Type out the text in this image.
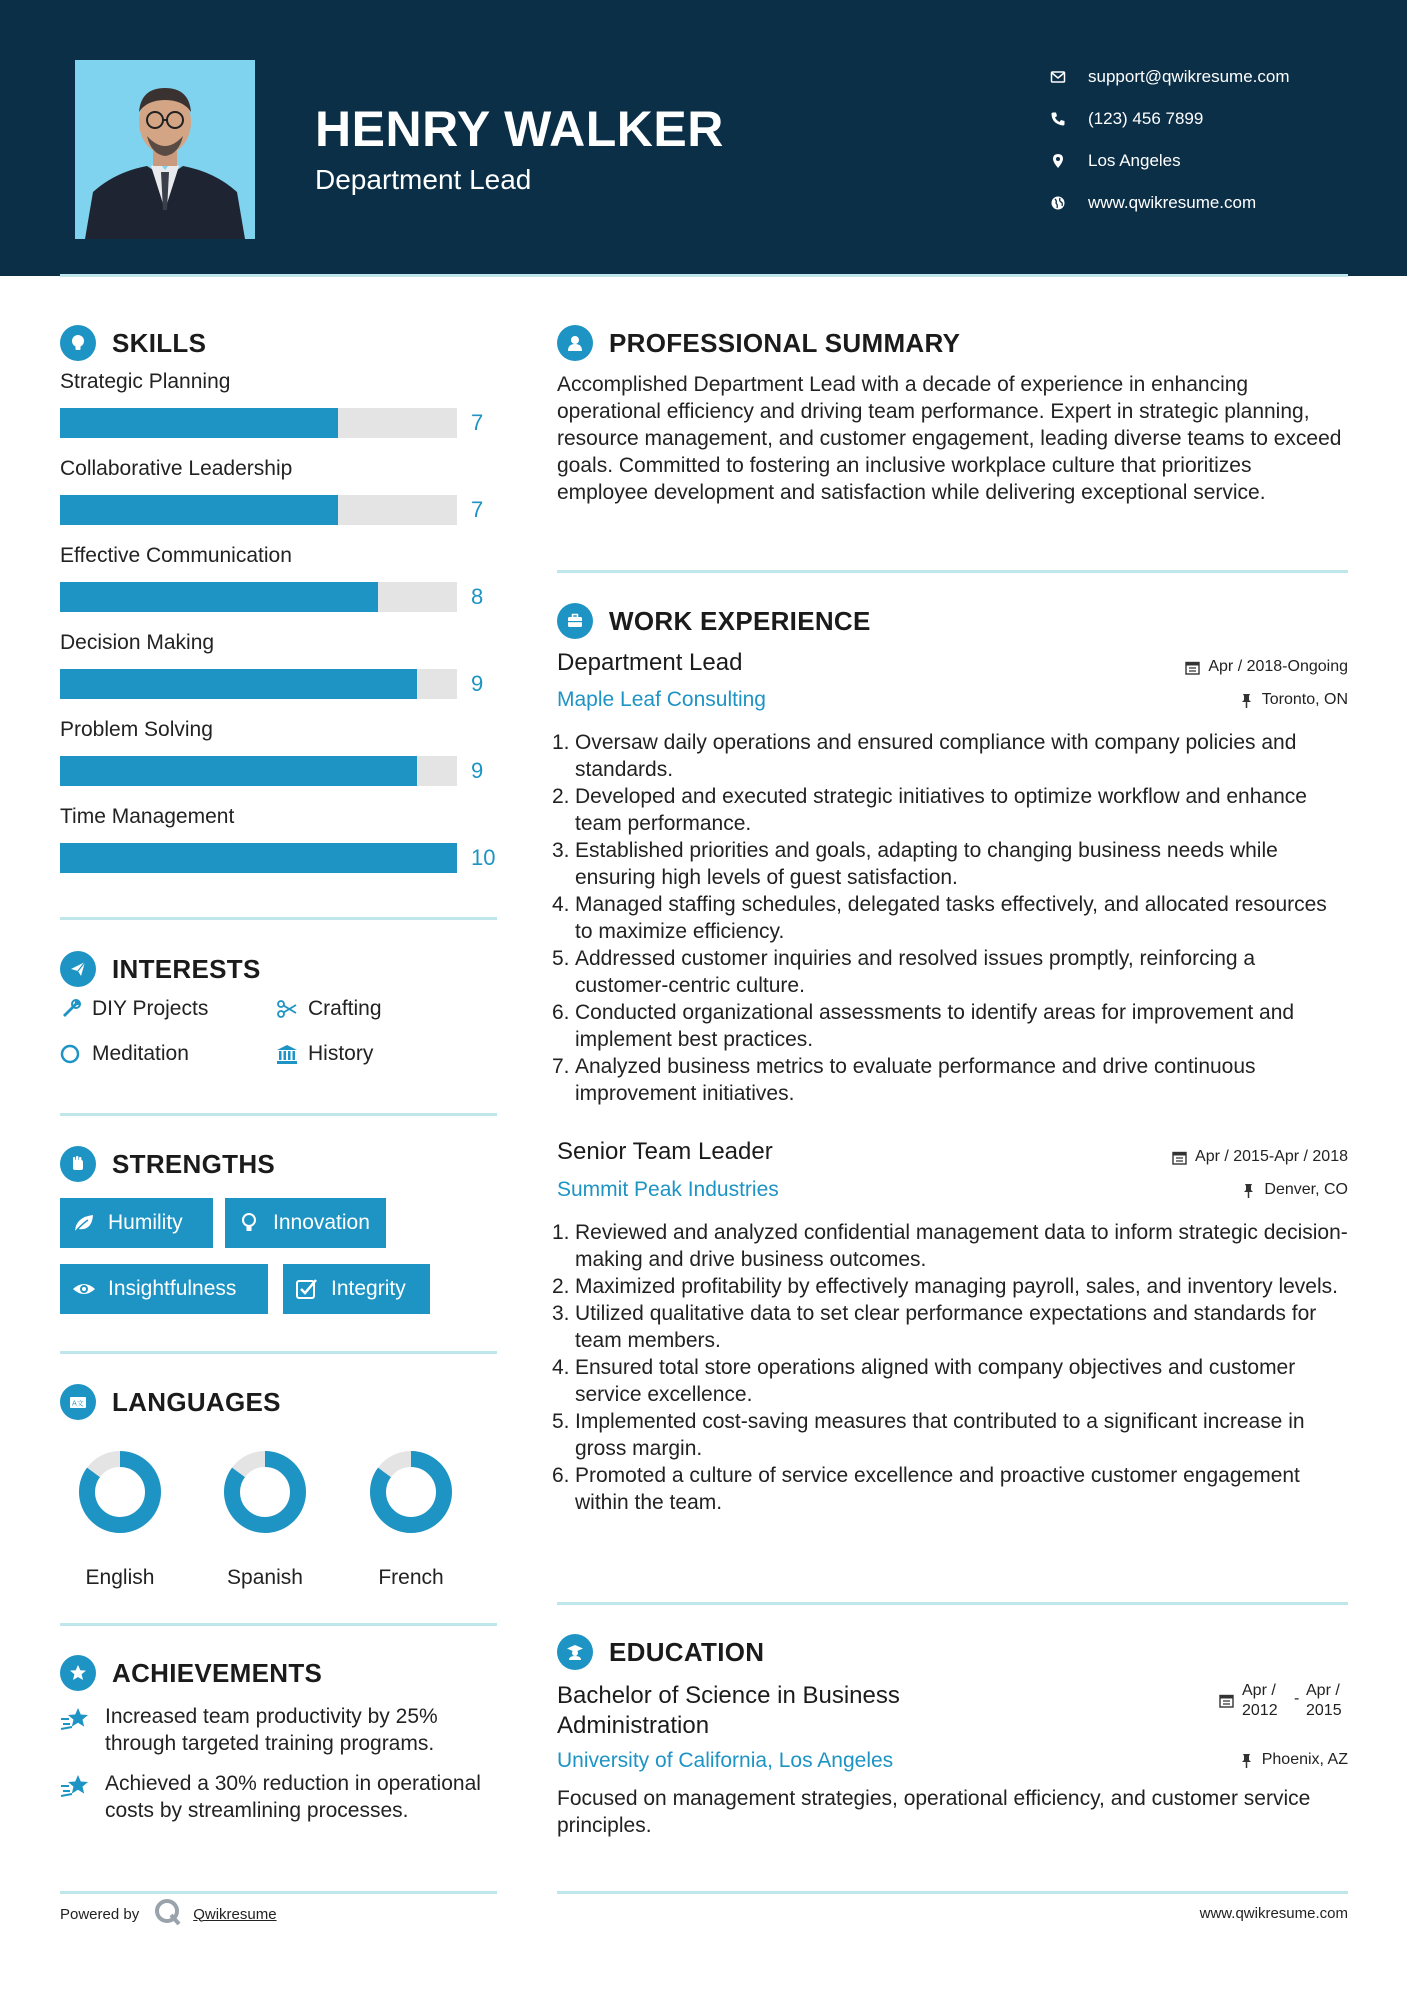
HENRY WALKER
Department Lead
support@qwikresume.com
(123) 456 7899
Los Angeles
www.qwikresume.com
SKILLS
Strategic Planning
7
Collaborative Leadership
7
Effective Communication
8
Decision Making
9
Problem Solving
9
Time Management
10
INTERESTS
DIY Projects	Crafting
Meditation	History
STRENGTHS
Humility	Innovation
Insightfulness	Integrity
A文 LANGUAGES
English	Spanish	French
ACHIEVEMENTS
Increased team productivity by 25% through targeted training programs.
Achieved a 30% reduction in operational costs by streamlining processes.
Powered by	Qwikresume
PROFESSIONAL SUMMARY
Accomplished Department Lead with a decade of experience in enhancing operational efficiency and driving team performance. Expert in strategic planning, resource management, and customer engagement, leading diverse teams to exceed goals. Committed to fostering an inclusive workplace culture that prioritizes employee development and satisfaction while delivering exceptional service.
WORK EXPERIENCE
Department Lead	Apr / 2018-Ongoing
Maple Leaf Consulting	Toronto, ON
1. Oversaw daily operations and ensured compliance with company policies and standards.
2. Developed and executed strategic initiatives to optimize workflow and enhance team performance.
3. Established priorities and goals, adapting to changing business needs while ensuring high levels of guest satisfaction.
4. Managed staffing schedules, delegated tasks effectively, and allocated resources to maximize efficiency.
5. Addressed customer inquiries and resolved issues promptly, reinforcing a customer-centric culture.
6. Conducted organizational assessments to identify areas for improvement and implement best practices.
7. Analyzed business metrics to evaluate performance and drive continuous improvement initiatives.
Senior Team Leader	Apr / 2015-Apr / 2018
Summit Peak Industries	Denver, CO
1. Reviewed and analyzed confidential management data to inform strategic decision-making and drive business outcomes.
2. Maximized profitability by effectively managing payroll, sales, and inventory levels.
3. Utilized qualitative data to set clear performance expectations and standards for team members.
4. Ensured total store operations aligned with company objectives and customer service excellence.
5. Implemented cost-saving measures that contributed to a significant increase in gross margin.
6. Promoted a culture of service excellence and proactive customer engagement within the team.
EDUCATION
Bachelor of Science in Business Administration
Apr / 2012
- Apr / 2015
University of California, Los Angeles	Phoenix, AZ
Focused on management strategies, operational efficiency, and customer service principles.
www.qwikresume.com
